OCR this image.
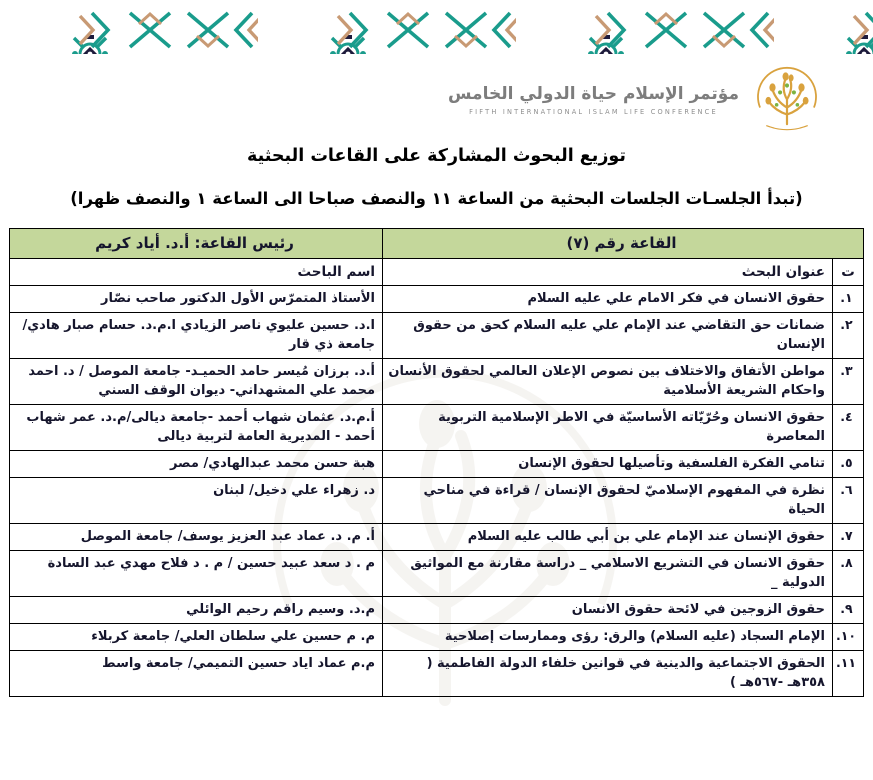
مؤتمر الإسلام حياة الدولي الخامس
FIFTH INTERNATIONAL ISLAM LIFE CONFERENCE
توزيع البحوث المشاركة على القاعات البحثية
(تبدأ الجلسـات الجلسات البحثية من الساعة ١١ والنصف صباحا الى الساعة ١ والنصف ظهرا)
القاعة رقم (٧)		رئيس القاعة: أ.د. أياد كريم
ت	عنوان البحث	اسم الباحث
١.	حقوق الانسان في فكر الامام علي عليه السلام	الأستاذ المتمرّس الأول الدكتور صاحب نصّار
٢.	ضمانات حق التقاضي عند الإمام علي عليه السلام كحق من حقوق الإنسان	ا.د. حسين عليوي ناصر الزيادي ا.م.د. حسام صبار هادي/ جامعة ذي قار
٣.	مواطن الأتفاق والاختلاف بين نصوص الإعلان العالمي لحقوق الأنسان واحكام الشريعة الأسلامية	أ.د. برزان مُيسر حامد الحميـد- جامعة الموصل / د. احمد محمد علي المشهداني- ديوان الوقف السني
٤.	حقوق الانسان وحُرّيّاته الأساسيّة في الاطر الإسلامية التربوية المعاصرة	أ.م.د. عثمان شهاب أحمد -جامعة ديالى/م.د. عمر شهاب أحمد - المديرية العامة لتربية ديالى
٥.	تنامي الفكرة الفلسفية وتأصيلها لحقوق الإنسان	هبة حسن محمد عبدالهادي/ مصر
٦.	نظرة في المفهوم الإسلاميّ لحقوق الإنسان / قراءة في مناحي الحياة	د. زهراء علي دخيل/ لبنان
٧.	حقوق الإنسان عند الإمام علي بن أبي طالب عليه السلام	أ. م. د. عماد عبد العزيز يوسف/ جامعة الموصل
٨.	حقوق الانسان في التشريع الاسلامي _ دراسة مقارنة مع المواثيق الدولية _	م . د سعد عبيد حسين / م . د فلاح مهدي عبد السادة
٩.	حقوق الزوجين في لائحة حقوق الانسان	م.د. وسيم راقم رحيم الوائلي
١٠.	الإمام السجاد (عليه السلام) والرق: رؤى وممارسات إصلاحية	م. م حسين علي سلطان العلي/ جامعة كربلاء
١١.	الحقوق الاجتماعية والدينية في قوانين خلفاء الدولة الفاطمية ( ٣٥٨هـ -٥٦٧هـ )	م.م عماد اياد حسين التميمي/ جامعة واسط
